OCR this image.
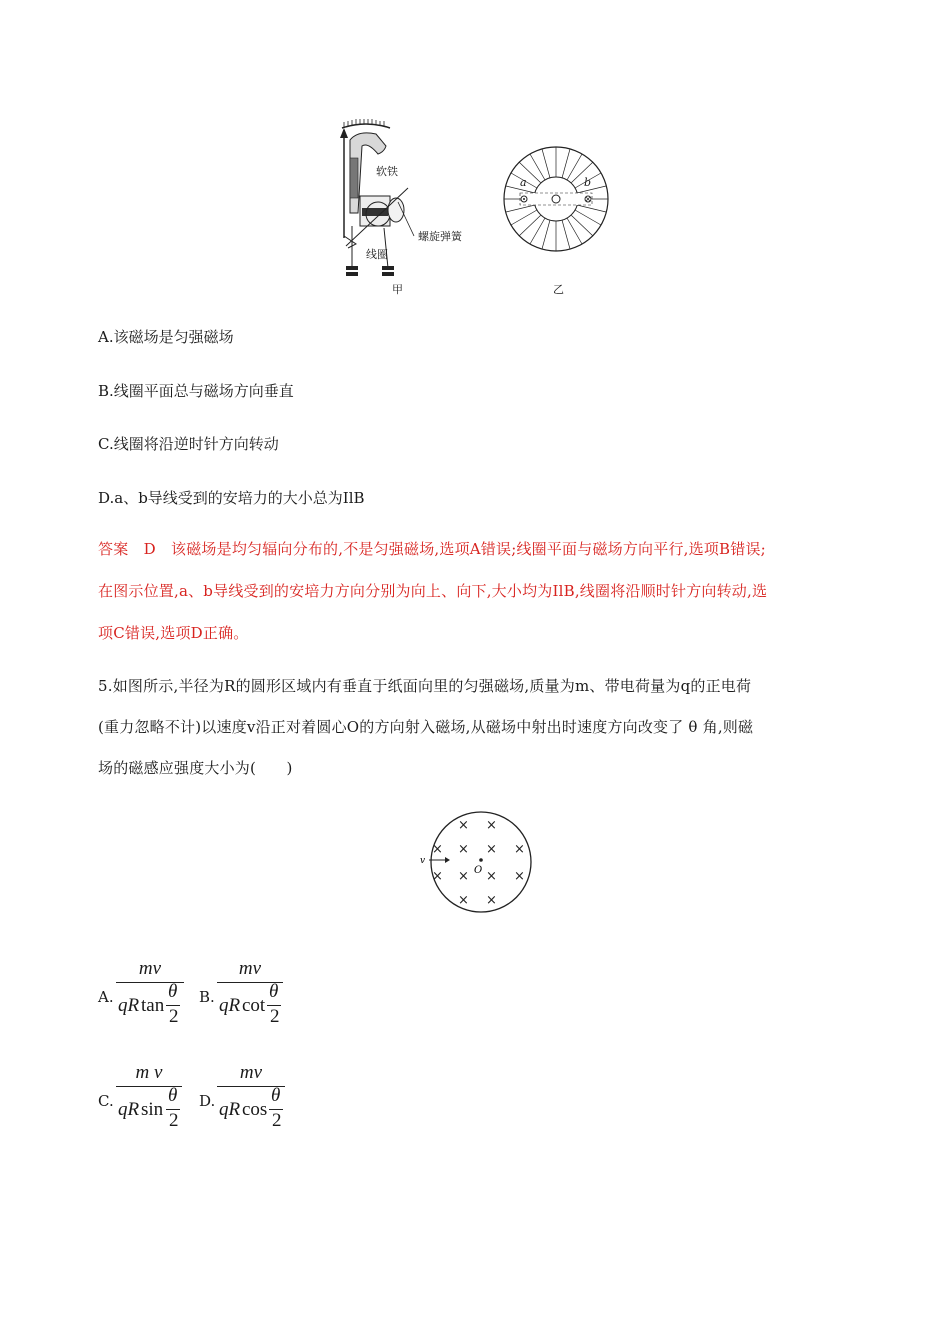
软铁
螺旋弹簧
线圈
甲
a	b
乙
A.该磁场是匀强磁场
B.线圈平面总与磁场方向垂直
C.线圈将沿逆时针方向转动
D.a、b导线受到的安培力的大小总为IlB
答案　D　该磁场是均匀辐向分布的,不是匀强磁场,选项A错误;线圈平面与磁场方向平行,选项B错误;
在图示位置,a、b导线受到的安培力方向分别为向上、向下,大小均为IlB,线圈将沿顺时针方向转动,选
项C错误,选项D正确。
5.如图所示,半径为R的圆形区域内有垂直于纸面向里的匀强磁场,质量为m、带电荷量为q的正电荷
(重力忽略不计)以速度v沿正对着圆心O的方向射入磁场,从磁场中射出时速度方向改变了 θ 角,则磁
场的磁感应强度大小为(　　)
v
O
× ×
× × × ×
× × × ×
× ×
A.
mv
qR tan
θ
2
B.
mv
qR cot
θ
2
C.
m v
qR sin
θ
2
D.
mv
qR cos
θ
2
